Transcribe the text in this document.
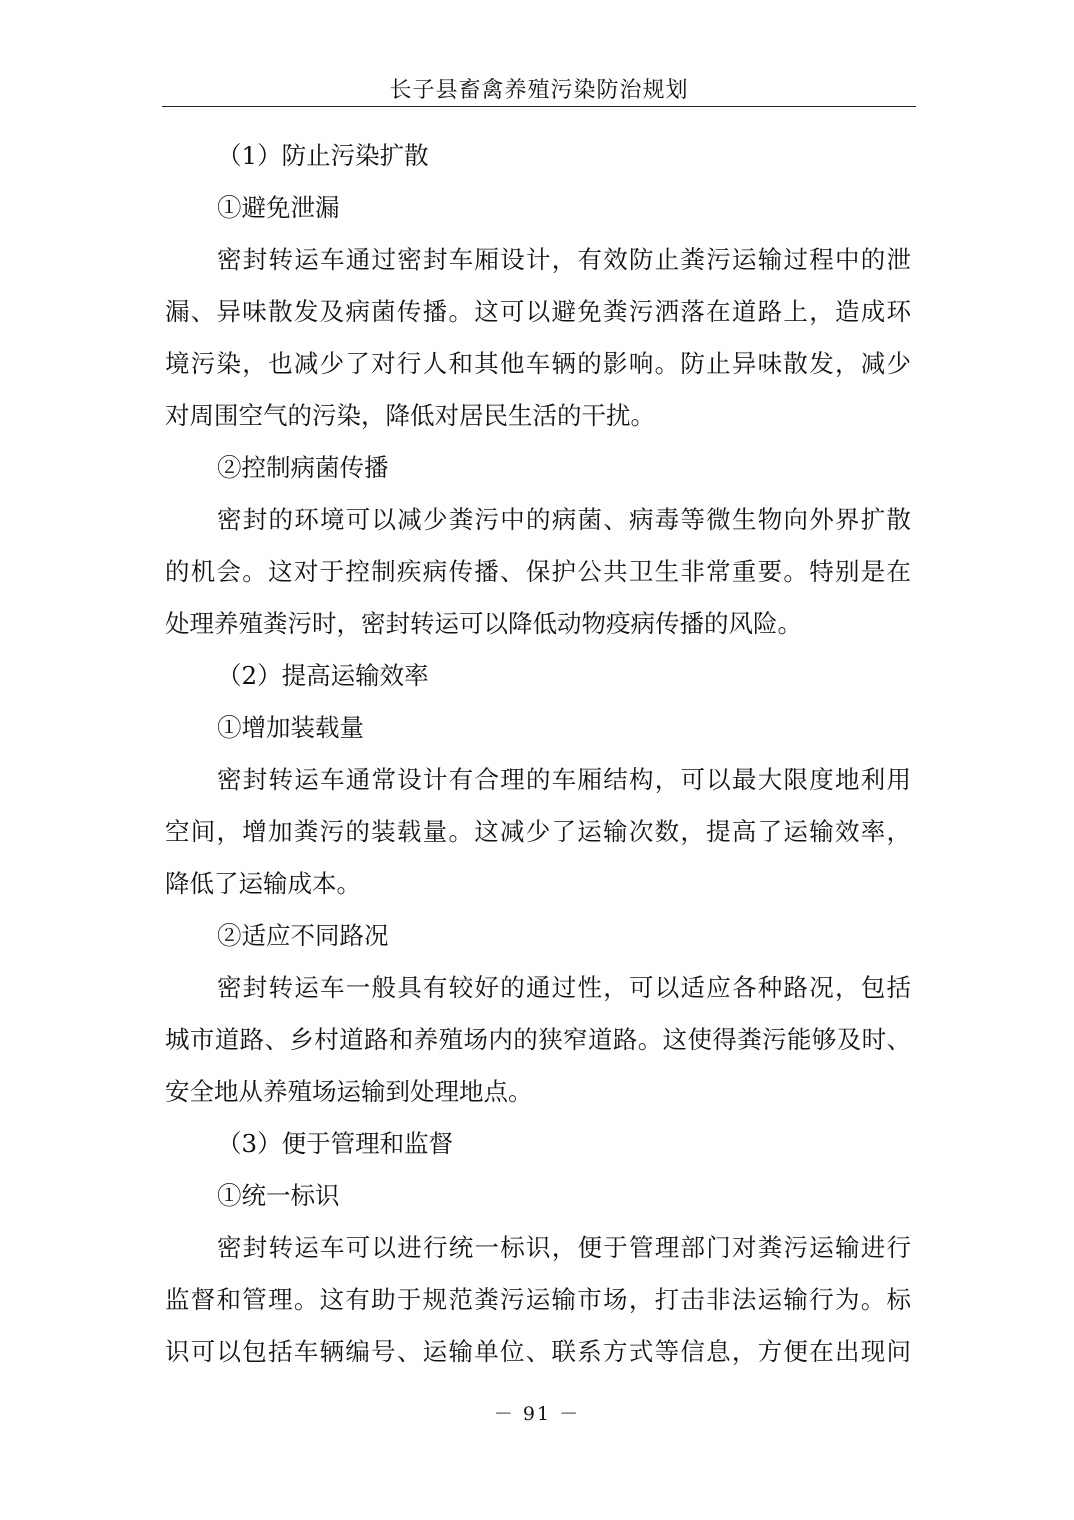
长子县畜禽养殖污染防治规划
（1）防止污染扩散
①避免泄漏
密封转运车通过密封车厢设计，有效防止粪污运输过程中的泄
漏、异味散发及病菌传播。这可以避免粪污洒落在道路上，造成环
境污染，也减少了对行人和其他车辆的影响。防止异味散发，减少
对周围空气的污染，降低对居民生活的干扰。
②控制病菌传播
密封的环境可以减少粪污中的病菌、病毒等微生物向外界扩散
的机会。这对于控制疾病传播、保护公共卫生非常重要。特别是在
处理养殖粪污时，密封转运可以降低动物疫病传播的风险。
（2）提高运输效率
①增加装载量
密封转运车通常设计有合理的车厢结构，可以最大限度地利用
空间，增加粪污的装载量。这减少了运输次数，提高了运输效率，
降低了运输成本。
②适应不同路况
密封转运车一般具有较好的通过性，可以适应各种路况，包括
城市道路、乡村道路和养殖场内的狭窄道路。这使得粪污能够及时、
安全地从养殖场运输到处理地点。
（3）便于管理和监督
①统一标识
密封转运车可以进行统一标识，便于管理部门对粪污运输进行
监督和管理。这有助于规范粪污运输市场，打击非法运输行为。标
识可以包括车辆编号、运输单位、联系方式等信息，方便在出现问
－ 91 －
